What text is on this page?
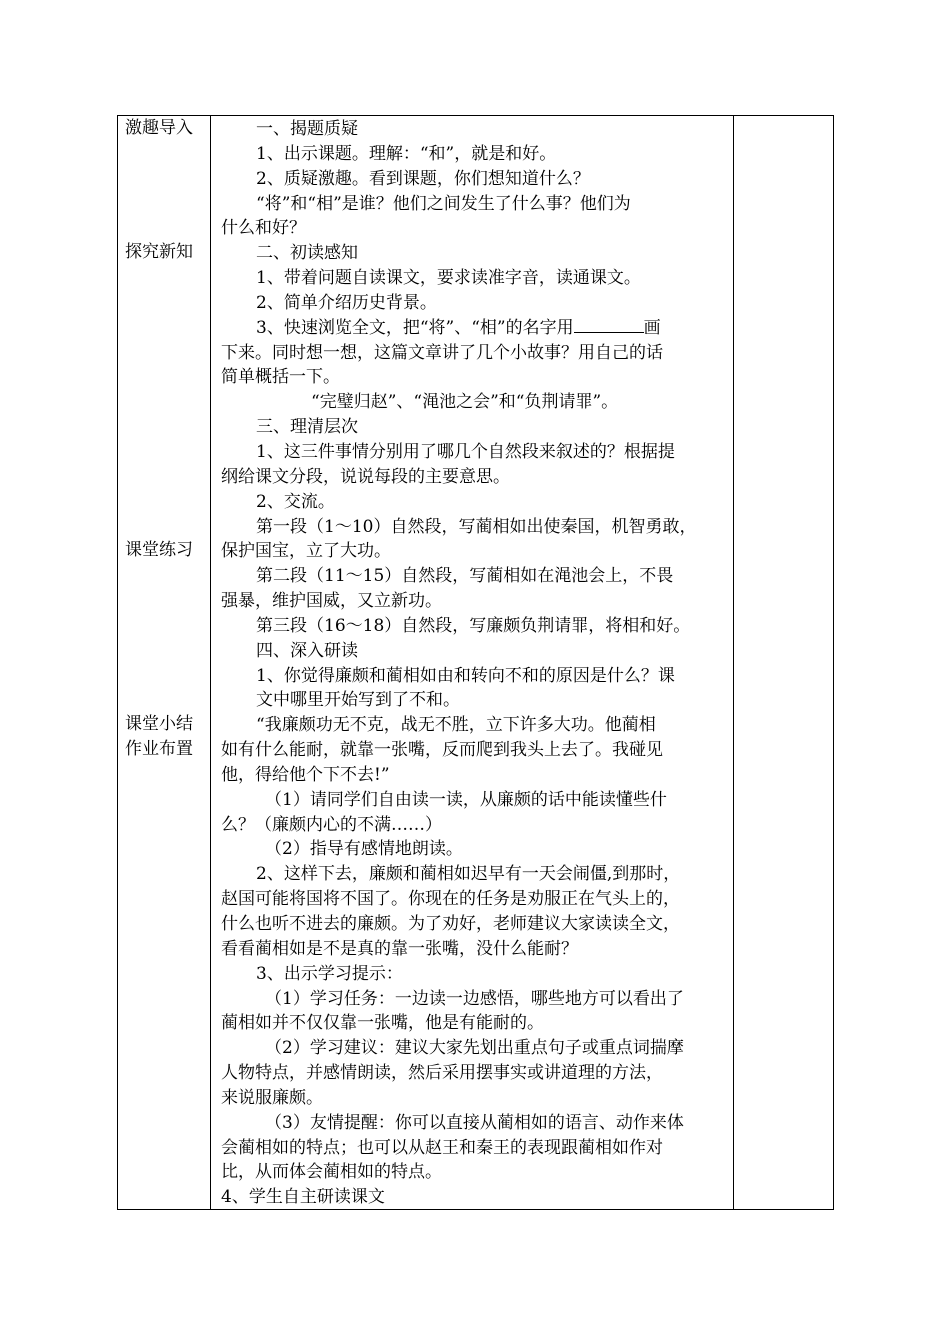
激趣导入
探究新知
课堂练习
课堂小结
作业布置
一、揭题质疑
1、出示课题。理解：“和”，就是和好。
2、质疑激趣。看到课题，你们想知道什么？
“将”和“相”是谁？他们之间发生了什么事？他们为
什么和好？
二、初读感知
1、带着问题自读课文，要求读准字音，读通课文。
2、简单介绍历史背景。
3、快速浏览全文，把“将”、“相”的名字用	画
下来。同时想一想，这篇文章讲了几个小故事？用自己的话
简单概括一下。
“完璧归赵”、“渑池之会”和“负荆请罪”。
三、理清层次
1、这三件事情分别用了哪几个自然段来叙述的？根据提
纲给课文分段，说说每段的主要意思。
2、交流。
第一段（1～10）自然段，写蔺相如出使秦国，机智勇敢，
保护国宝，立了大功。
第二段（11～15）自然段，写蔺相如在渑池会上，不畏
强暴，维护国威，又立新功。
第三段（16～18）自然段，写廉颇负荆请罪，将相和好。
四、深入研读
1、你觉得廉颇和蔺相如由和转向不和的原因是什么？课
文中哪里开始写到了不和。
“我廉颇功无不克，战无不胜，立下许多大功。他蔺相
如有什么能耐，就靠一张嘴，反而爬到我头上去了。我碰见
他，得给他个下不去!”
（1）请同学们自由读一读，从廉颇的话中能读懂些什
么？（廉颇内心的不满……）
（2）指导有感情地朗读。
2、这样下去，廉颇和蔺相如迟早有一天会闹僵,到那时，
赵国可能将国将不国了。你现在的任务是劝服正在气头上的，
什么也听不进去的廉颇。为了劝好，老师建议大家读读全文，
看看蔺相如是不是真的靠一张嘴，没什么能耐？
3、出示学习提示：
（1）学习任务：一边读一边感悟，哪些地方可以看出了
蔺相如并不仅仅靠一张嘴，他是有能耐的。
（2）学习建议：建议大家先划出重点句子或重点词揣摩
人物特点，并感情朗读，然后采用摆事实或讲道理的方法，
来说服廉颇。
（3）友情提醒：你可以直接从蔺相如的语言、动作来体
会蔺相如的特点；也可以从赵王和秦王的表现跟蔺相如作对
比，从而体会蔺相如的特点。
4、学生自主研读课文
